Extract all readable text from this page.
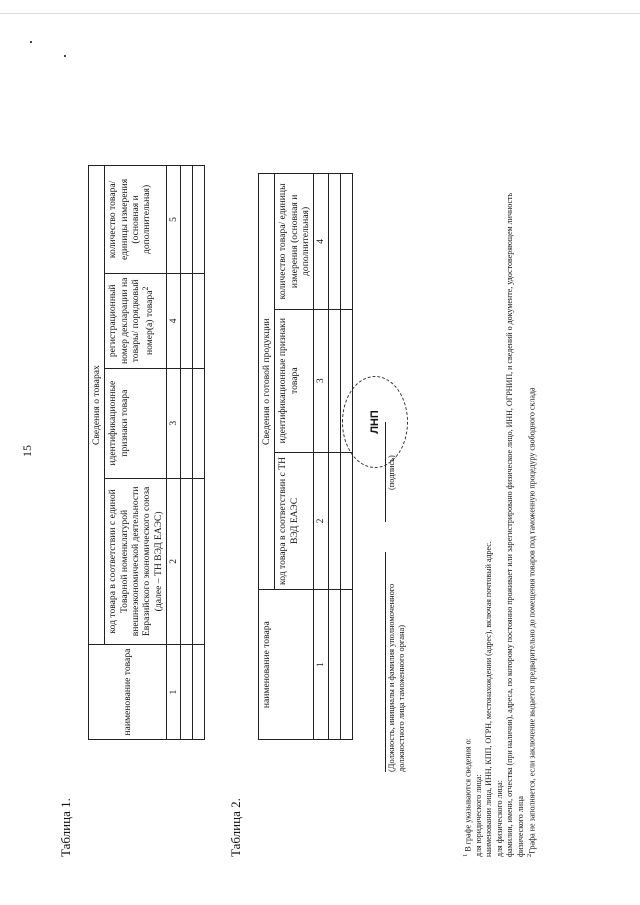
15
Таблица 1.
наименование товара	Сведения о товарах			
	код товара в соответствии с единой Товарной номенклатурой внешнеэкономической деятельности Евразийского экономического союза (далее – ТН ВЭД ЕАЭС)	идентификационные признаки товара	регистрационный номер декларации на товары/ порядковый номер(а) товара$^2$	количество товара/единицы измерения (основная и дополнительная)
1	2	3	4	5

Таблица 2.
наименование товара	Сведения о готовой продукции		
	код товара в соответствии с ТН ВЭД ЕАЭС	идентификационные признаки товара	количество товара/ единицы измерения (основная и дополнительная)
1	2	3	4

(Должность, инициалы и фамилия уполномоченного должностного лица таможенного органа)
(подпись)
ЛНП

$^1$ В графе указываются сведения о: для юридического лица: наименовании лица, ИНН, КПП, ОГРН, местонахождении (адрес), включая почтовый адрес. для физического лица: фамилии, имени, отчества (при наличии), адреса, по которому постоянно проживает или зарегистрировано физическое лицо, ИНН, ОГРНИП, и сведений о документе, удостоверяющем личность физического лица $^2$Графа не заполняется, если заключение выдается предварительно до помещения товаров под таможенную процедуру свободного склада
